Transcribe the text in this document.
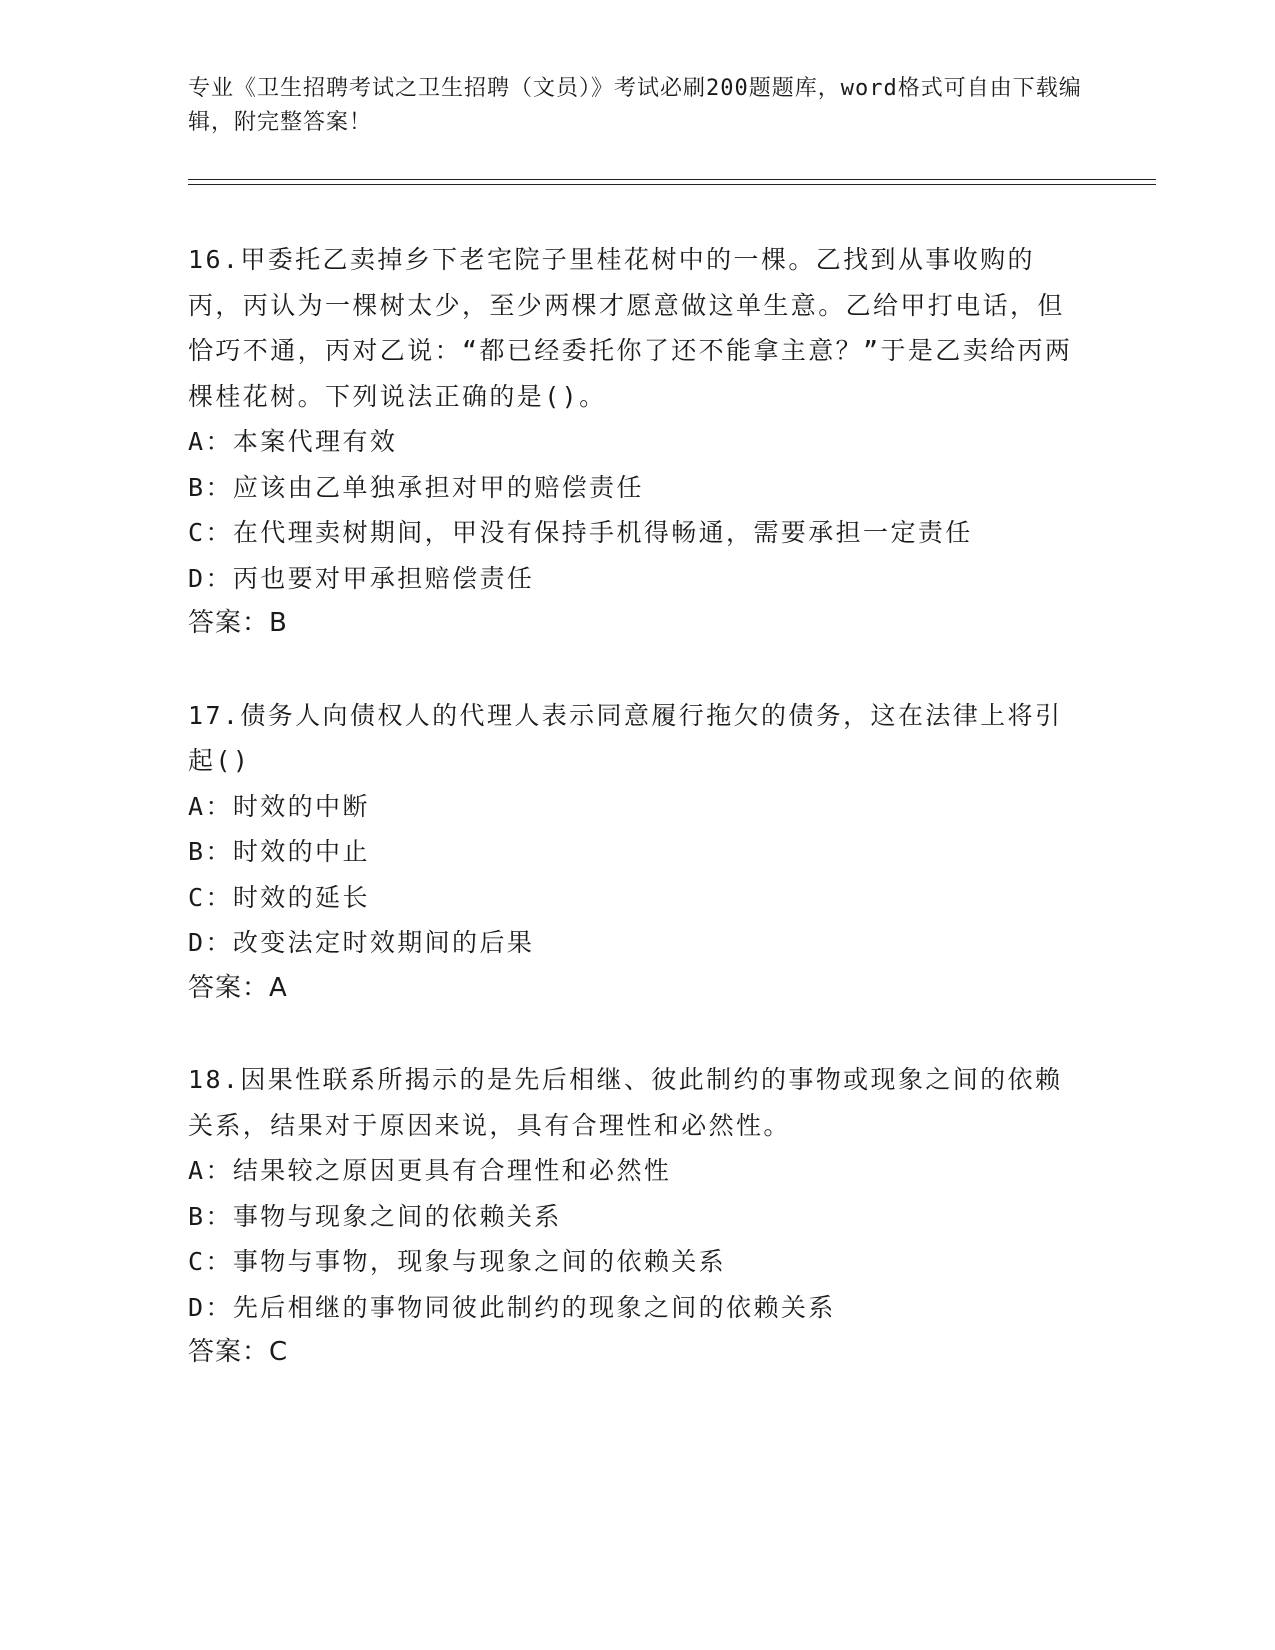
专业《卫生招聘考试之卫生招聘（文员）》考试必刷200题题库，word格式可自由下载编辑，附完整答案！
16.甲委托乙卖掉乡下老宅院子里桂花树中的一棵。乙找到从事收购的丙，丙认为一棵树太少，至少两棵才愿意做这单生意。乙给甲打电话，但恰巧不通，丙对乙说：“都已经委托你了还不能拿主意？”于是乙卖给丙两棵桂花树。下列说法正确的是()。
A：本案代理有效
B：应该由乙单独承担对甲的赔偿责任
C：在代理卖树期间，甲没有保持手机得畅通，需要承担一定责任
D：丙也要对甲承担赔偿责任
答案：B
17.债务人向债权人的代理人表示同意履行拖欠的债务，这在法律上将引起()
A：时效的中断
B：时效的中止
C：时效的延长
D：改变法定时效期间的后果
答案：A
18.因果性联系所揭示的是先后相继、彼此制约的事物或现象之间的依赖关系，结果对于原因来说，具有合理性和必然性。
A：结果较之原因更具有合理性和必然性
B：事物与现象之间的依赖关系
C：事物与事物，现象与现象之间的依赖关系
D：先后相继的事物同彼此制约的现象之间的依赖关系
答案：C
